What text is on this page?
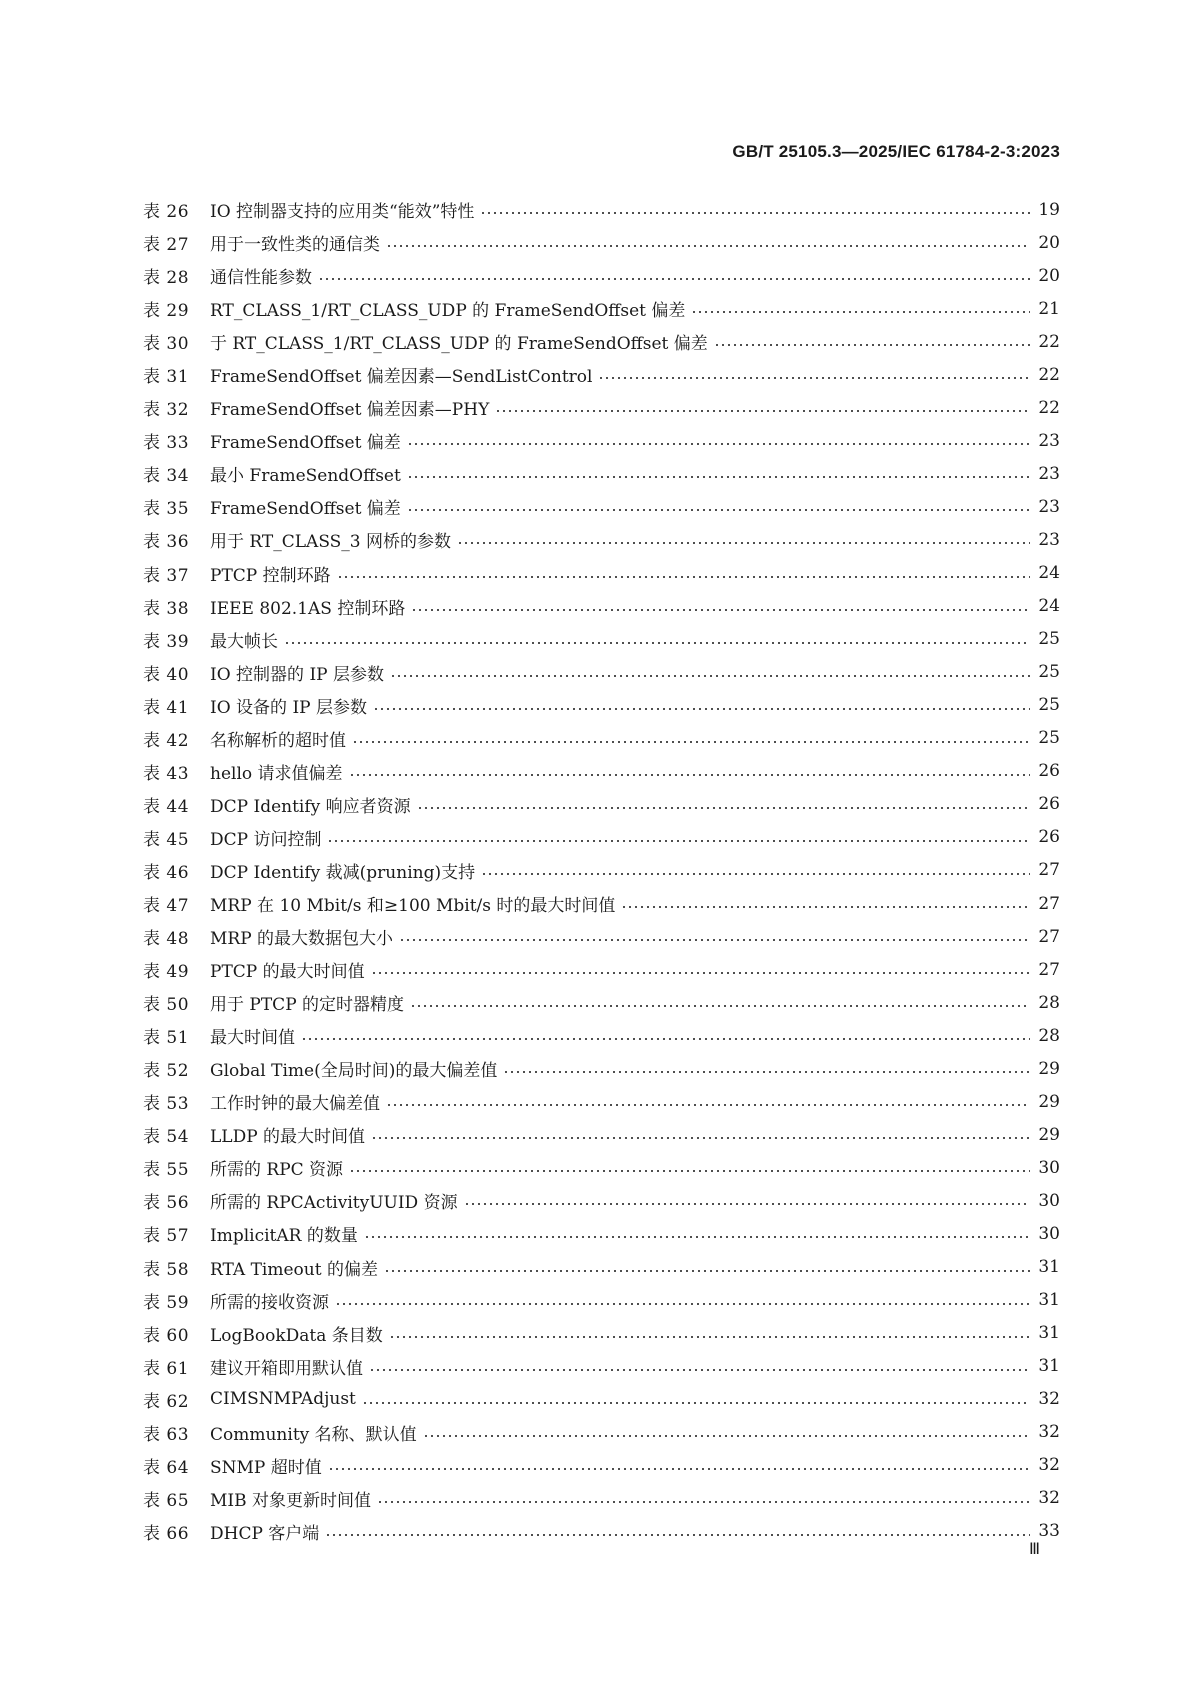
GB/T 25105.3—2025/IEC 61784-2-3:2023
表 26	IO 控制器支持的应用类“能效”特性	19
表 27	用于一致性类的通信类	20
表 28	通信性能参数	20
表 29	RT_CLASS_1/RT_CLASS_UDP 的 FrameSendOffset 偏差	21
表 30	于 RT_CLASS_1/RT_CLASS_UDP 的 FrameSendOffset 偏差	22
表 31	FrameSendOffset 偏差因素—SendListControl	22
表 32	FrameSendOffset 偏差因素—PHY	22
表 33	FrameSendOffset 偏差	23
表 34	最小 FrameSendOffset	23
表 35	FrameSendOffset 偏差	23
表 36	用于 RT_CLASS_3 网桥的参数	23
表 37	PTCP 控制环路	24
表 38	IEEE 802.1AS 控制环路	24
表 39	最大帧长	25
表 40	IO 控制器的 IP 层参数	25
表 41	IO 设备的 IP 层参数	25
表 42	名称解析的超时值	25
表 43	hello 请求值偏差	26
表 44	DCP Identify 响应者资源	26
表 45	DCP 访问控制	26
表 46	DCP Identify 裁减(pruning)支持	27
表 47	MRP 在 10 Mbit/s 和≥100 Mbit/s 时的最大时间值	27
表 48	MRP 的最大数据包大小	27
表 49	PTCP 的最大时间值	27
表 50	用于 PTCP 的定时器精度	28
表 51	最大时间值	28
表 52	Global Time(全局时间)的最大偏差值	29
表 53	工作时钟的最大偏差值	29
表 54	LLDP 的最大时间值	29
表 55	所需的 RPC 资源	30
表 56	所需的 RPCActivityUUID 资源	30
表 57	ImplicitAR 的数量	30
表 58	RTA Timeout 的偏差	31
表 59	所需的接收资源	31
表 60	LogBookData 条目数	31
表 61	建议开箱即用默认值	31
表 62	CIMSNMPAdjust	32
表 63	Community 名称、默认值	32
表 64	SNMP 超时值	32
表 65	MIB 对象更新时间值	32
表 66	DHCP 客户端	33
Ⅲ
